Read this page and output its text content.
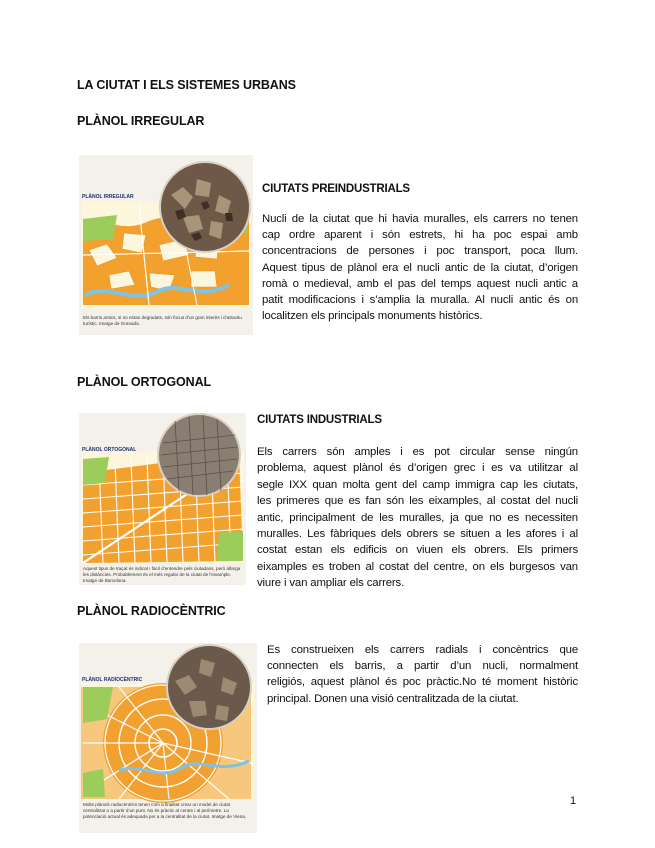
LA CIUTAT I ELS SISTEMES URBANS
PLÀNOL IRREGULAR
PLÀNOL IRREGULAR
Els barris antics, si no estan degradats, són focus d’un gran interès i d’atractiu turístic. Imatge de Granada.
CIUTATS PREINDUSTRIALS
Nucli de la ciutat que hi havia muralles, els carrers no tenen
cap ordre aparent i són estrets, hi ha poc espai amb
concentracions de persones i poc transport, poca llum.
Aquest tipus de plànol era el nucli antic de la ciutat, d’origen
romà o medieval, amb el pas del temps aquest nucli antic a
patit modificacions i s’amplia la muralla. Al nucli antic és on
localitzen els principals monuments històrics.
PLÀNOL ORTOGONAL
PLÀNOL ORTOGONAL
Aquest tipus de traçat és indicat i fàcil d’entendre pels ciutadans, però allarga les distàncies. Probablement és el més regular de la ciutat de l’eixample. Imatge de Barcelona.
CIUTATS INDUSTRIALS
Els carrers són amples i es pot circular sense ningún
problema, aquest plànol és d’origen grec i es va utilitzar al
segle IXX quan molta gent del camp immigra cap les ciutats,
les primeres que es fan són les eixamples, al costat del nucli
antic, principalment de les muralles, ja que no es necessiten
muralles. Les fàbriques dels obrers se situen a les afores i al
costat estan els edificis on viuen els obrers. Els primers
eixamples es troben al costat del centre, on els burgesos van
viure i van ampliar els carrers.
PLÀNOL RADIOCÈNTRIC
PLÀNOL RADIOCÈNTRIC
Molts plànols radiocèntrics tenen com a finalitat crear un model de ciutat centralitzat o a partir d’un punt. No és pràctic al centre i al perímetre. La potenciació actual és adequada per a la centralitat de la ciutat. Imatge de Viena.
Es construeixen els carrers radials i concèntrics que
connecten els barris, a partir d’un nucli, normalment
religiós, aquest plànol és poc pràctic.No té moment històric
principal. Donen una visió centralitzada de la ciutat.
1
